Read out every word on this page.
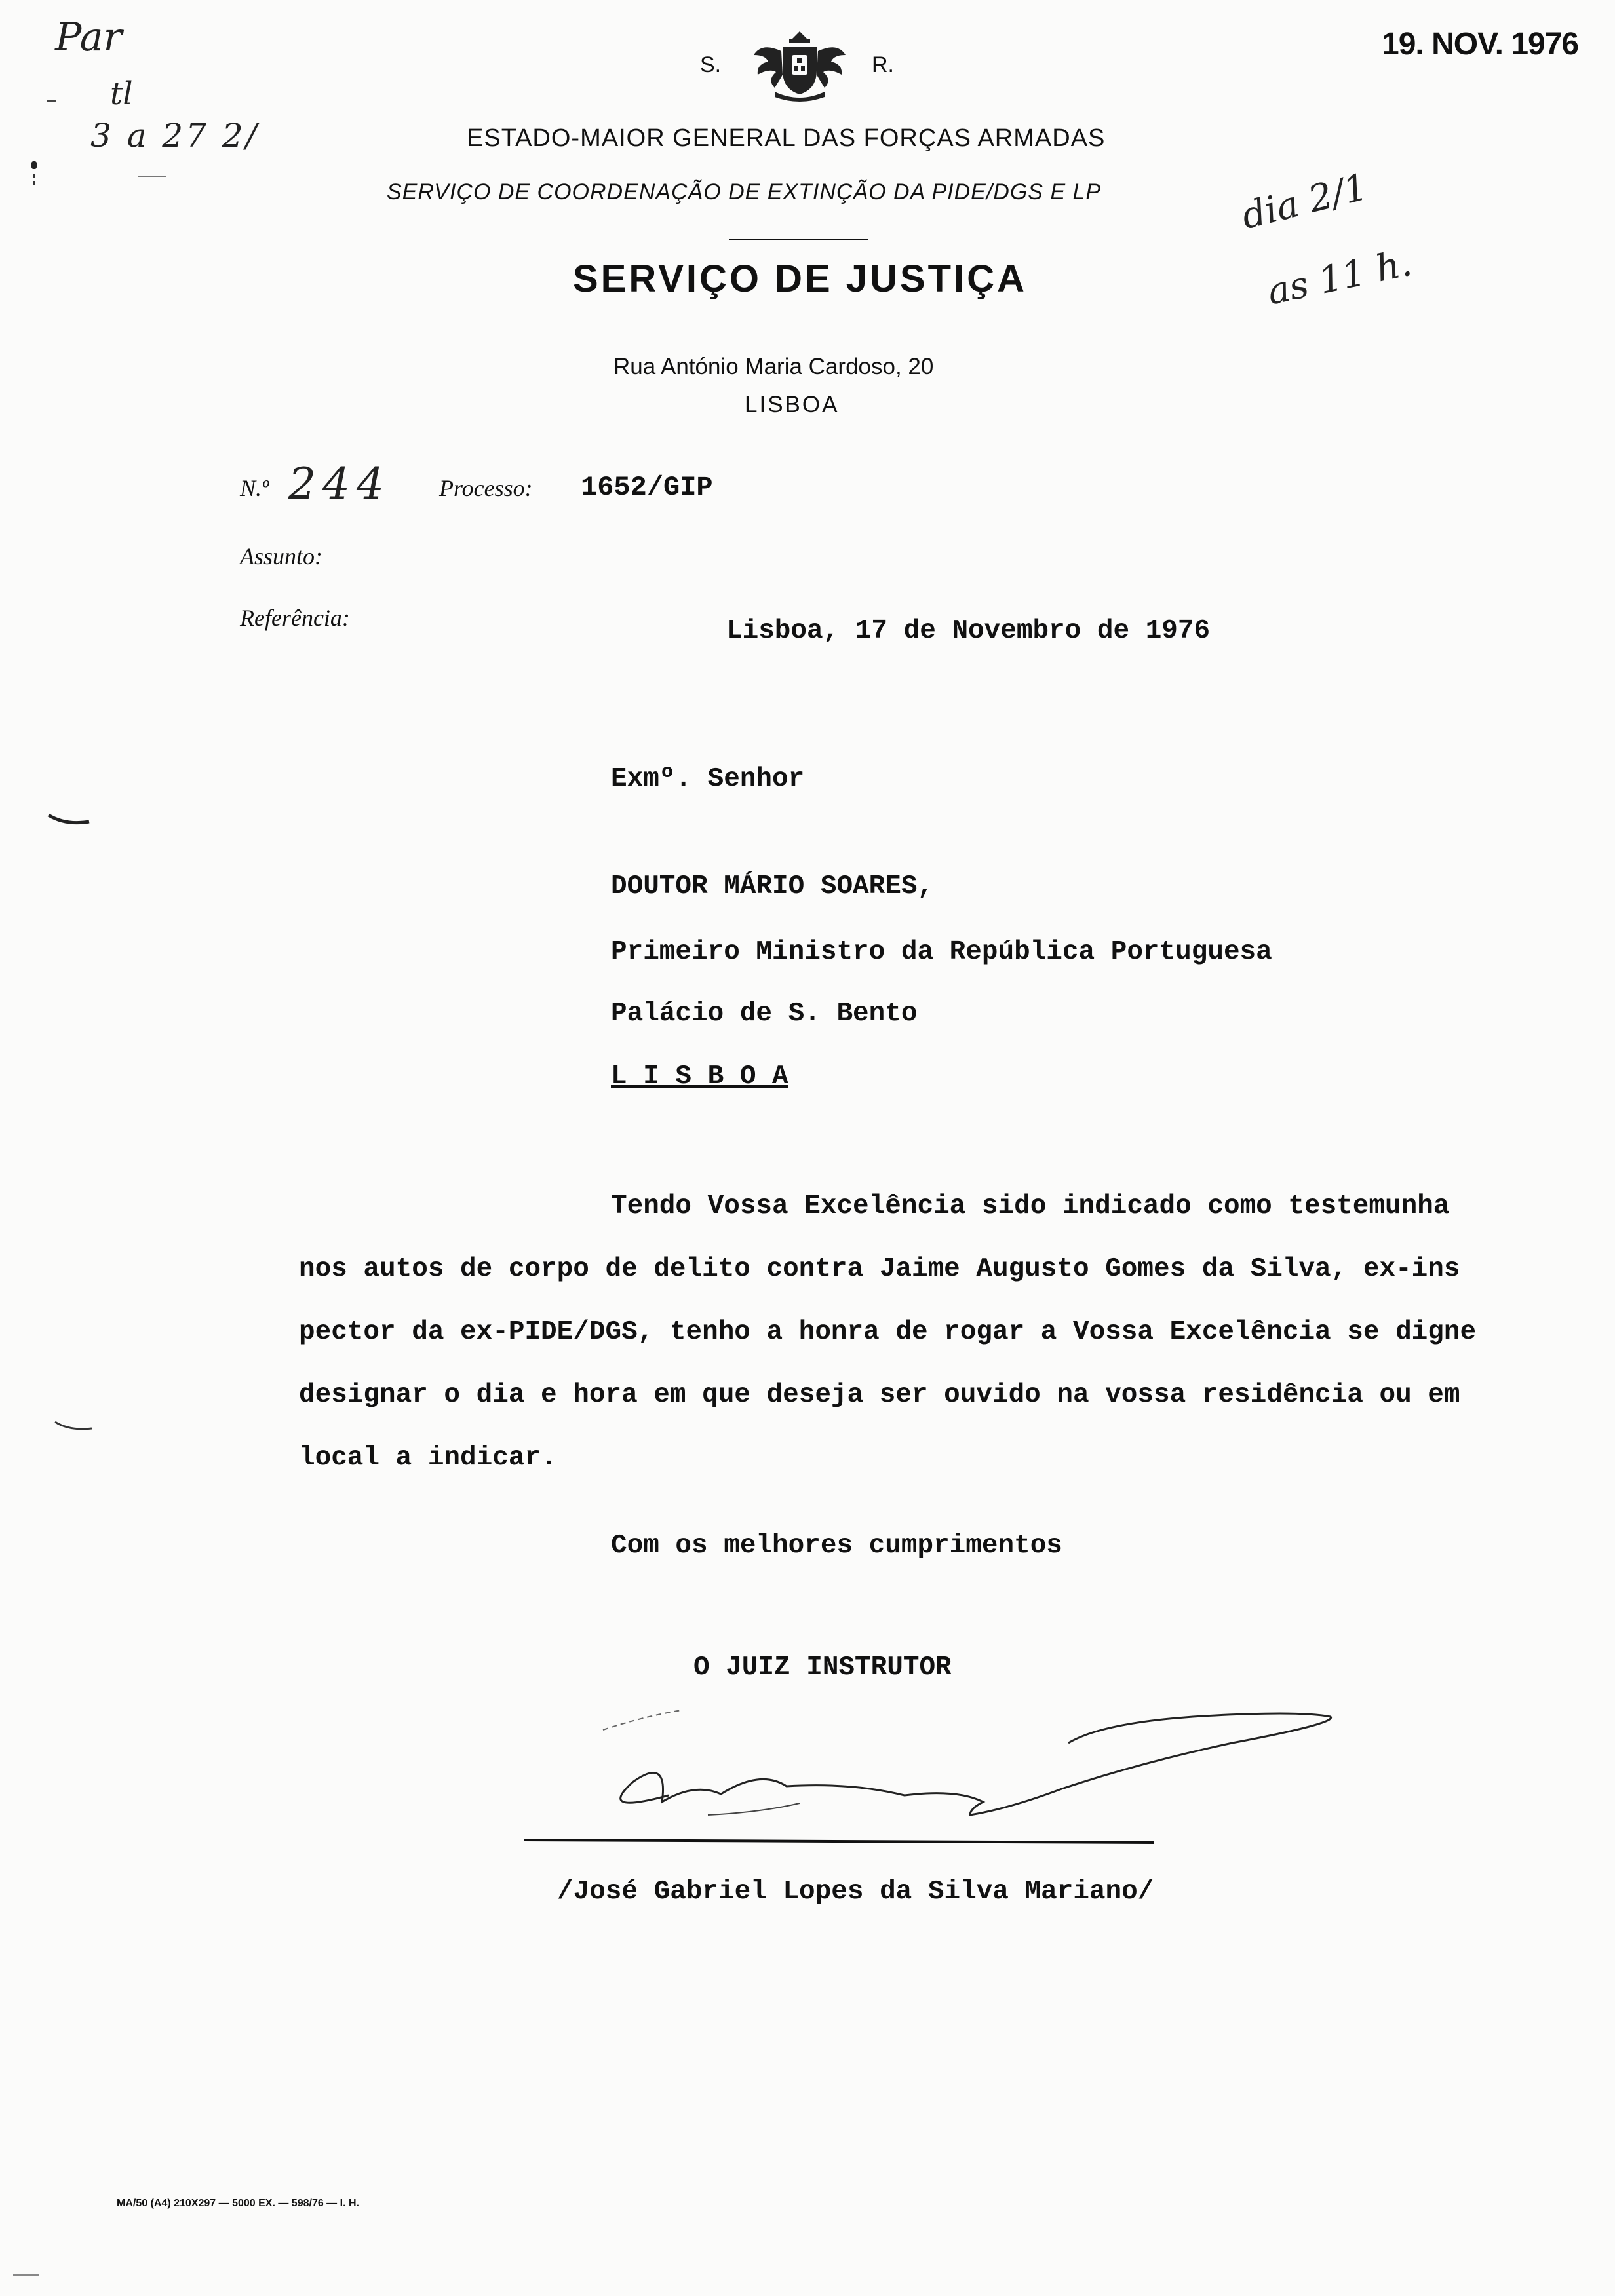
19. NOV. 1976
Par
tl
3 a 27 2/
dia 2/1
as 11 h.
S.	R.
ESTADO-MAIOR GENERAL DAS FORÇAS ARMADAS
SERVIÇO DE COORDENAÇÃO DE EXTINÇÃO DA PIDE/DGS E LP
SERVIÇO DE JUSTIÇA
Rua António Maria Cardoso, 20
LISBOA
N.º 244 Processo: 1652/GIP
Assunto:
Referência:	Lisboa, 17 de Novembro de 1976
Exmº. Senhor
DOUTOR MÁRIO SOARES,
Primeiro Ministro da República Portuguesa
Palácio de S. Bento
L I S B O A
Tendo Vossa Excelência sido indicado como testemunha
nos autos de corpo de delito contra Jaime Augusto Gomes da Silva, ex-ins
pector da ex-PIDE/DGS, tenho a honra de rogar a Vossa Excelência se digne
designar o dia e hora em que deseja ser ouvido na vossa residência ou em
local a indicar.
Com os melhores cumprimentos
O JUIZ INSTRUTOR
/José Gabriel Lopes da Silva Mariano/
MA/50 (A4) 210X297 — 5000 EX. — 598/76 — I. H.
